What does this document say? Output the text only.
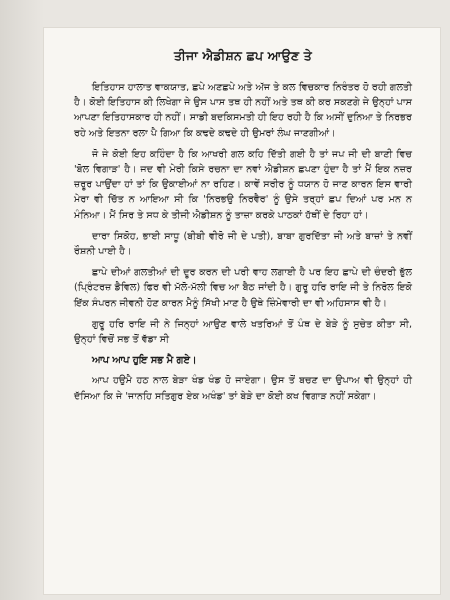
ਤੀਜਾ ਐਡੀਸ਼ਨ ਛਪ ਆਉਣ ਤੇ

ਇਤਿਹਾਸ ਹਾਲਾਤ ਵਾਕਯਾਤ, ਛਪੇ ਅਣਛਪੇ ਅਤੇ ਅੱਜ ਤੇ ਕਲ ਵਿਚਕਾਰ ਨਿਰੰਤਰ ਹੋ ਰਹੀ ਗਲਤੀ ਹੈ। ਕੋਈ ਇਤਿਹਾਸ ਕੀ ਲਿਖੇਗਾ ਜੇ ਉਸ ਪਾਸ ਤਥ ਹੀ ਨਹੀਂ ਅਤੇ ਤਥ ਕੀ ਕਰ ਸਕਣਗੇ ਜੇ ਉਨ੍ਹਾਂ ਪਾਸ ਆਪਣਾ ਇਤਿਹਾਸਕਾਰ ਹੀ ਨਹੀਂ। ਸਾਡੀ ਬਦਕਿਸਮਤੀ ਹੀ ਇਹ ਰਹੀ ਹੈ ਕਿ ਅਸੀਂ ਦੁਨਿਆ ਤੇ ਨਿਰਭਰ ਰਹੇ ਅਤੇ ਇਤਨਾ ਰਲਾ ਪੈ ਗਿਆ ਕਿ ਕਢਦੇ ਕਢਦੇ ਹੀ ਉਮਰਾਂ ਲੰਘ ਜਾਣਗੀਆਂ।

ਜੋ ਜੇ ਕੋਈ ਇਹ ਕਹਿੰਦਾ ਹੈ ਕਿ ਆਖਰੀ ਗਲ ਕਹਿ ਦਿੱਤੀ ਗਈ ਹੈ ਤਾਂ ਜਪ ਜੀ ਦੀ ਬਾਣੀ ਵਿਚ 'ਬੋਲ ਵਿਗਾੜ' ਹੈ। ਜਦ ਵੀ ਮੇਰੀ ਕਿਸੇ ਰਚਨਾ ਦਾ ਨਵਾਂ ਐਡੀਸ਼ਨ ਛਪਣਾ ਹੁੰਦਾ ਹੈ ਤਾਂ ਮੈਂ ਇਕ ਨਜ਼ਰ ਜ਼ਰੂਰ ਪਾਉਂਦਾ ਹਾਂ ਤਾਂ ਕਿ ਉਕਾਈਆਂ ਨਾ ਰਹਿਣ। ਕਾਵੇਂ ਸਰੀਰ ਨੂੰ ਧਯਾਨ ਹੋ ਜਾਣ ਕਾਰਨ ਇਸ ਵਾਰੀ ਮੇਰਾ ਵੀ ਚਿੱਤ ਨ ਆਇਆ ਸੀ ਕਿ 'ਨਿਰਭਉ ਨਿਰਵੈਰ' ਨੂੰ ਉਸੇ ਤਰ੍ਹਾਂ ਛਪ ਦਿਆਂ ਪਰ ਮਨ ਨ ਮੰਨਿਆ। ਮੈਂ ਸਿਰ ਤੇ ਸਧ ਕੇ ਤੀਜੀ ਐਡੀਸ਼ਨ ਨੂੰ ਤਾਜ਼ਾ ਕਰਕੇ ਪਾਠਕਾਂ ਹੱਥੀਂ ਦੇ ਰਿਹਾ ਹਾਂ।

ਦਾਰਾ ਸਿਕੋਹ, ਭਾਈ ਸਾਧੂ (ਬੀਬੀ ਵੀਰੋ ਜੀ ਦੇ ਪਤੀ), ਬਾਬਾ ਗੁਰਦਿੱਤਾ ਜੀ ਅਤੇ ਬਾਜ਼ਾਂ ਤੇ ਨਵੀਂ ਰੌਸ਼ਨੀ ਪਾਈ ਹੈ।

ਛਾਪੇ ਦੀਆਂ ਗਲਤੀਆਂ ਦੀ ਦੂਰ ਕਰਨ ਦੀ ਪਰੀ ਵਾਹ ਲਗਾਈ ਹੈ ਪਰ ਇਹ ਛਾਪੇ ਦੀ ਚੰਦਰੀ ਭੁੱਲ (ਪ੍ਰਿੰਟਰਜ਼ ਡੈਵਿਲ) ਫਿਰ ਵੀ ਮੱਲੋ-ਮੱਲੀ ਵਿਚ ਆ ਬੈਠ ਜਾਂਦੀ ਹੈ। ਗੁਰੂ ਹਰਿ ਰਾਇ ਜੀ ਤੇ ਨਿਰੋਲ ਇਕੋ ਇੱਕ ਸੰਪਰਨ ਜੀਵਨੀ ਹੋਣ ਕਾਰਨ ਮੈਨੂੰ ਸਿੱਖੀ ਮਾਣ ਹੈ ਉਥੇ ਜ਼ਿੰਮੇਵਾਰੀ ਦਾ ਵੀ ਅਹਿਸਾਸ ਵੀ ਹੈ।

ਗੁਰੂ ਹਰਿ ਰਾਇ ਜੀ ਨੇ ਜਿਨ੍ਹਾਂ ਆਉਣ ਵਾਲੇ ਖਤਰਿਆਂ ਤੋਂ ਪੰਥ ਦੇ ਬੇੜੇ ਨੂੰ ਸੁਚੇਤ ਕੀਤਾ ਸੀ, ਉਨ੍ਹਾਂ ਵਿਚੋਂ ਸਭ ਤੋਂ ਵੱਡਾ ਸੀ

ਆਪ ਆਪ ਹੁਇ ਸਭ ਮੈ ਗਏ।

ਆਪ ਹਉਮੈ ਹਠ ਨਾਲ ਬੇੜਾ ਖੰਡ ਖੰਡ ਹੋ ਜਾਏਗਾ। ਉਸ ਤੋਂ ਬਚਣ ਦਾ ਉਪਾਅ ਵੀ ਉਨ੍ਹਾਂ ਹੀ ਦੱਸਿਆ ਕਿ ਜੇ 'ਜਾਨਹਿ ਸਤਿਗੁਰ ਏਕ ਅਖੰਡ' ਤਾਂ ਬੇੜੇ ਦਾ ਕੋਈ ਕਖ ਵਿਗਾੜ ਨਹੀਂ ਸਕੇਗਾ।
